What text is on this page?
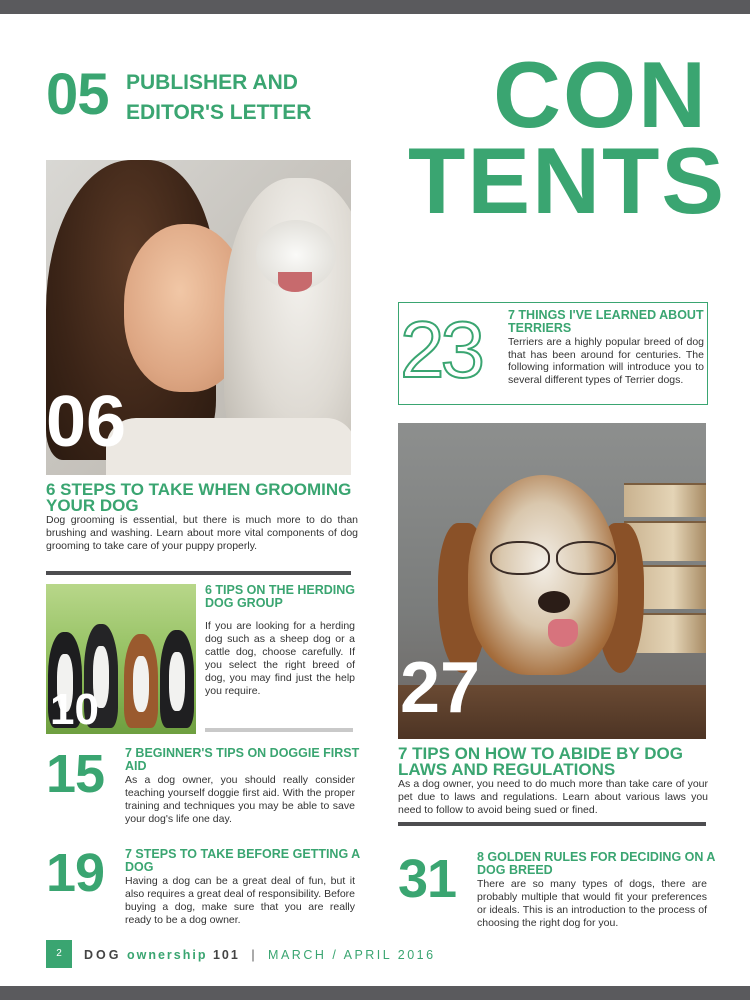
05 PUBLISHER AND EDITOR'S LETTER	CON
TENTS
06
6 STEPS TO TAKE WHEN GROOMING YOUR DOG
Dog grooming is essential, but there is much more to do than brushing and washing. Learn about more vital components of dog grooming to take care of your puppy properly.
10
6 TIPS ON THE HERDING DOG GROUP
If you are looking for a herding dog such as a sheep dog or a cattle dog, choose carefully. If you select the right breed of dog, you may find just the help you require.
15 7 BEGINNER'S TIPS ON DOGGIE FIRST AID
As a dog owner, you should really consider teaching yourself doggie first aid. With the proper training and techniques you may be able to save your dog's life one day.
19 7 STEPS TO TAKE BEFORE GETTING A DOG
Having a dog can be a great deal of fun, but it also requires a great deal of responsibility. Before buying a dog, make sure that you are really ready to be a dog owner.
23 7 THINGS I'VE LEARNED ABOUT TERRIERS
Terriers are a highly popular breed of dog that has been around for centuries. The following information will introduce you to several different types of Terrier dogs.
27
7 TIPS ON HOW TO ABIDE BY DOG LAWS AND REGULATIONS
As a dog owner, you need to do much more than take care of your pet due to laws and regulations. Learn about various laws you need to follow to avoid being sued or fined.
31 8 GOLDEN RULES FOR DECIDING ON A DOG BREED
There are so many types of dogs, there are probably multiple that would fit your preferences or ideals. This is an introduction to the process of choosing the right dog for you.
2	DOG ownership 101 | MARCH / APRIL 2016
